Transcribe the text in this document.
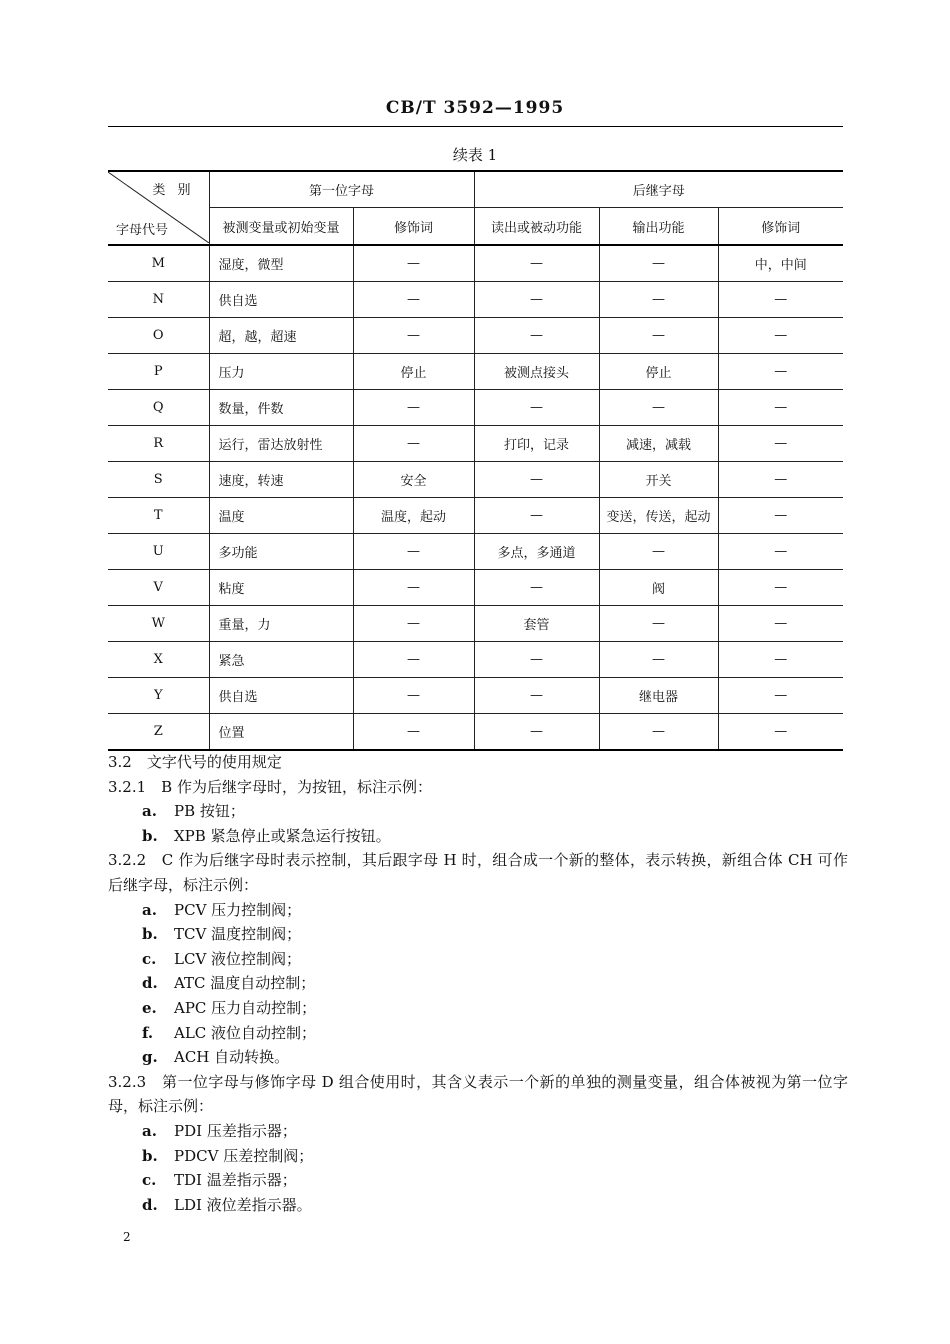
CB/T 3592—1995
续表 1
类 别
字母代号	第一位字母		后继字母		
	被测变量或初始变量	修饰词	读出或被动功能	输出功能	修饰词
M	湿度，微型	—	—	—	中，中间
N	供自选	—	—	—	—
O	超，越，超速	—	—	—	—
P	压力	停止	被测点接头	停止	—
Q	数量，件数	—	—	—	—
R	运行，雷达放射性	—	打印，记录	减速，减载	—
S	速度，转速	安全	—	开关	—
T	温度	温度，起动	—	变送，传送，起动	—
U	多功能	—	多点，多通道	—	—
V	粘度	—	—	阀	—
W	重量，力	—	套管	—	—
X	紧急	—	—	—	—
Y	供自选	—	—	继电器	—
Z	位置	—	—	—	—

3.2　文字代号的使用规定

3.2.1　B 作为后继字母时，为按钮，标注示例：

a. PB 按钮；

b. XPB 紧急停止或紧急运行按钮。

3.2.2　C 作为后继字母时表示控制，其后跟字母 H 时，组合成一个新的整体，表示转换，新组合体 CH 可作后继字母，标注示例：

a. PCV 压力控制阀；

b. TCV 温度控制阀；

c. LCV 液位控制阀；

d. ATC 温度自动控制；

e. APC 压力自动控制；

f. ALC 液位自动控制；

g. ACH 自动转换。

3.2.3　第一位字母与修饰字母 D 组合使用时，其含义表示一个新的单独的测量变量，组合体被视为第一位字母，标注示例：

a. PDI 压差指示器；

b. PDCV 压差控制阀；

c. TDI 温差指示器；

d. LDI 液位差指示器。

2
